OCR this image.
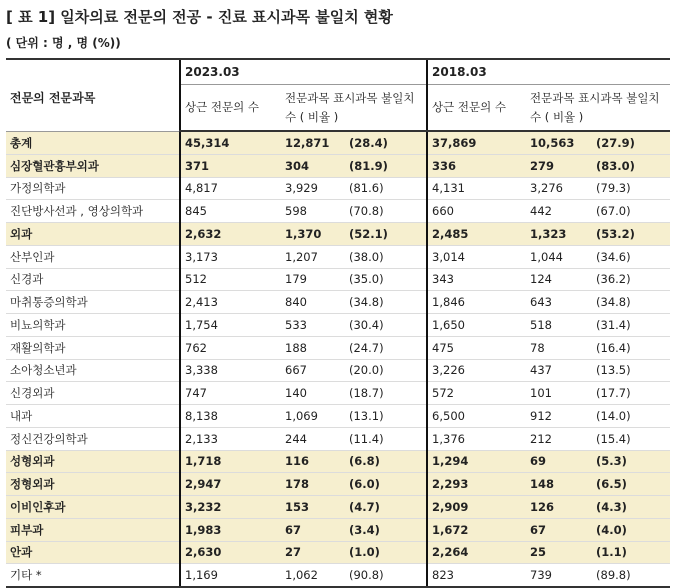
[ 표 1] 일차의료 전문의 전공 - 진료 표시과목 불일치 현황
( 단위 : 명 , 명 (%))
전문의 전문과목	2023.03			2018.03		
	상근 전문의 수	전문과목 표시과목 불일치 수 ( 비율 )		상근 전문의 수	전문과목 표시과목 불일치 수 ( 비율 )	
총계	45,314	12,871	(28.4)	37,869	10,563	(27.9)
심장혈관흉부외과	371	304	(81.9)	336	279	(83.0)
가정의학과	4,817	3,929	(81.6)	4,131	3,276	(79.3)
진단방사선과 , 영상의학과	845	598	(70.8)	660	442	(67.0)
외과	2,632	1,370	(52.1)	2,485	1,323	(53.2)
산부인과	3,173	1,207	(38.0)	3,014	1,044	(34.6)
신경과	512	179	(35.0)	343	124	(36.2)
마취통증의학과	2,413	840	(34.8)	1,846	643	(34.8)
비뇨의학과	1,754	533	(30.4)	1,650	518	(31.4)
재활의학과	762	188	(24.7)	475	78	(16.4)
소아청소년과	3,338	667	(20.0)	3,226	437	(13.5)
신경외과	747	140	(18.7)	572	101	(17.7)
내과	8,138	1,069	(13.1)	6,500	912	(14.0)
정신건강의학과	2,133	244	(11.4)	1,376	212	(15.4)
성형외과	1,718	116	(6.8)	1,294	69	(5.3)
정형외과	2,947	178	(6.0)	2,293	148	(6.5)
이비인후과	3,232	153	(4.7)	2,909	126	(4.3)
피부과	1,983	67	(3.4)	1,672	67	(4.0)
안과	2,630	27	(1.0)	2,264	25	(1.1)
기타 *	1,169	1,062	(90.8)	823	739	(89.8)
